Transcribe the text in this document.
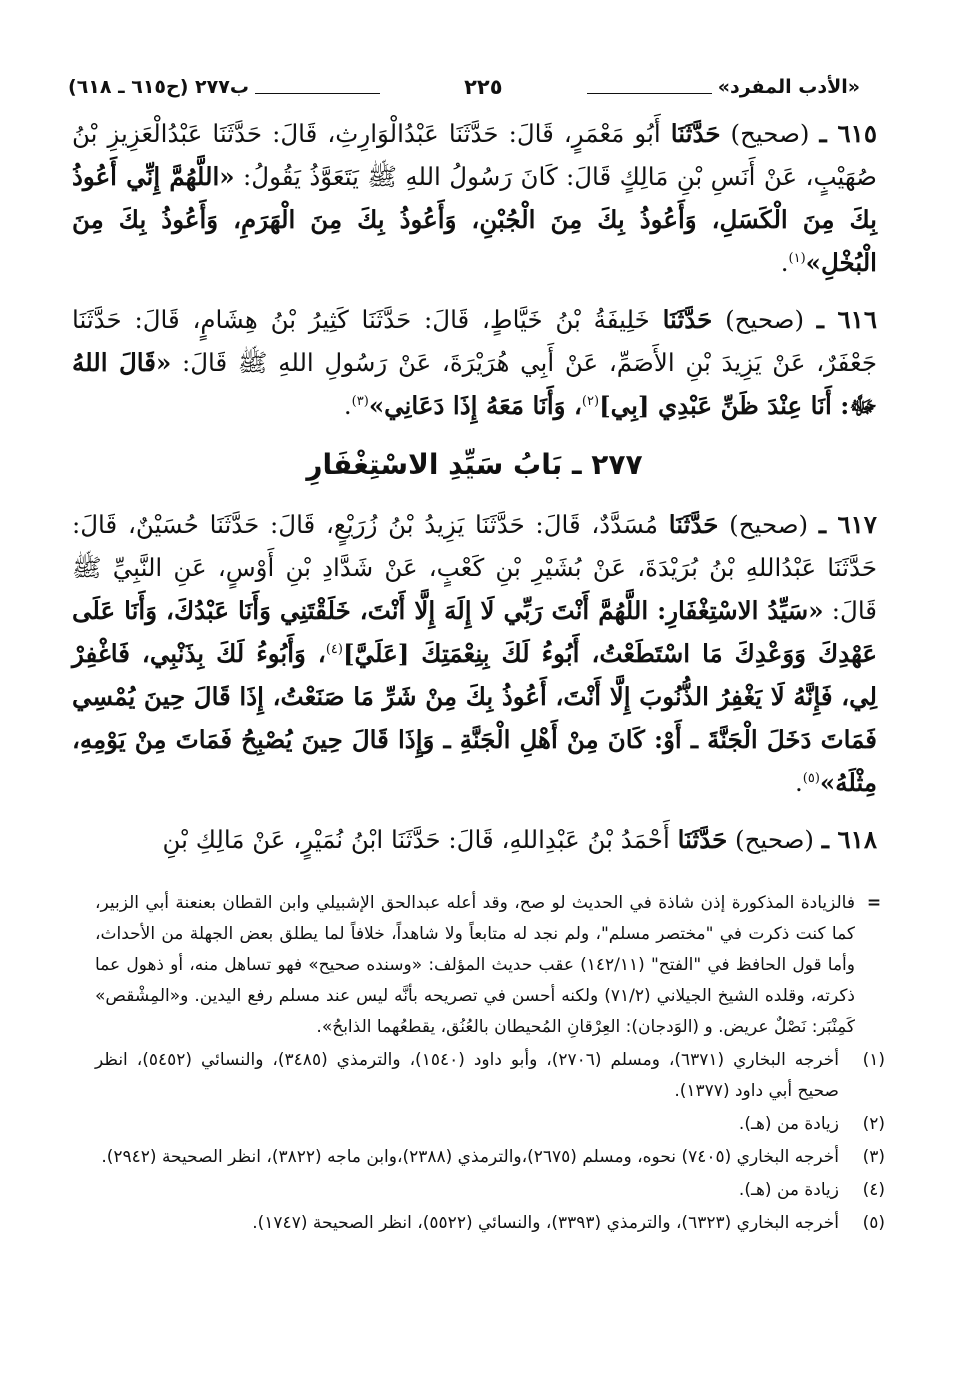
«الأدب المفرد»
٢٢٥
ب٢٧٧ (ح٦١٥ ـ ٦١٨)

٦١٥ ـ (صحيح) حَدَّثَنَا أَبُو مَعْمَرٍ، قَالَ: حَدَّثَنَا عَبْدُالْوَارِثِ، قَالَ: حَدَّثَنَا عَبْدُالْعَزِيزِ بْنُ صُهَيْبٍ، عَنْ أَنَسِ بْنِ مَالِكٍ قَالَ: كَانَ رَسُولُ اللهِ ﷺ يَتَعَوَّذُ يَقُولُ: «اللَّهُمَّ إِنِّي أَعُوذُ بِكَ مِنَ الْكَسَلِ، وَأَعُوذُ بِكَ مِنَ الْجُبْنِ، وَأَعُوذُ بِكَ مِنَ الْهَرَمِ، وَأَعُوذُ بِكَ مِنَ الْبُخْلِ»$^{(١)}$.

٦١٦ ـ (صحيح) حَدَّثَنَا خَلِيفَةُ بْنُ خَيَّاطٍ، قَالَ: حَدَّثَنَا كَثِيرُ بْنُ هِشَامٍ، قَالَ: حَدَّثَنَا جَعْفَرٌ، عَنْ يَزِيدَ بْنِ الأَصَمِّ، عَنْ أَبِي هُرَيْرَةَ، عَنْ رَسُولِ اللهِ ﷺ قَالَ: «قَالَ اللهُ ﷻ: أَنَا عِنْدَ ظَنِّ عَبْدِي [بِي]$^{(٢)}$، وَأَنَا مَعَهُ إِذَا دَعَانِي»$^{(٣)}$.

٢٧٧ ـ بَابُ سَيِّدِ الاسْتِغْفَارِ

٦١٧ ـ (صحيح) حَدَّثَنَا مُسَدَّدٌ، قَالَ: حَدَّثَنَا يَزِيدُ بْنُ زُرَيْعٍ، قَالَ: حَدَّثَنَا حُسَيْنٌ، قَالَ: حَدَّثَنَا عَبْدُاللهِ بْنُ بُرَيْدَةَ، عَنْ بُشَيْرِ بْنِ كَعْبٍ، عَنْ شَدَّادِ بْنِ أَوْسٍ، عَنِ النَّبِيِّ ﷺ قَالَ: «سَيِّدُ الاسْتِغْفَارِ: اللَّهُمَّ أَنْتَ رَبِّي لَا إِلَهَ إِلَّا أَنْتَ، خَلَقْتَنِي وَأَنَا عَبْدُكَ، وَأَنَا عَلَى عَهْدِكَ وَوَعْدِكَ مَا اسْتَطَعْتُ، أَبُوءُ لَكَ بِنِعْمَتِكَ [عَلَيَّ]$^{(٤)}$، وَأَبُوءُ لَكَ بِذَنْبِي، فَاغْفِرْ لِي، فَإِنَّهُ لَا يَغْفِرُ الذُّنُوبَ إِلَّا أَنْتَ، أَعُوذُ بِكَ مِنْ شَرِّ مَا صَنَعْتُ، إِذَا قَالَ حِينَ يُمْسِي فَمَاتَ دَخَلَ الْجَنَّةَ ـ أَوْ: كَانَ مِنْ أَهْلِ الْجَنَّةِ ـ وَإِذَا قَالَ حِينَ يُصْبِحُ فَمَاتَ مِنْ يَوْمِهِ، مِثْلَهُ»$^{(٥)}$.

٦١٨ ـ (صحيح) حَدَّثَنَا أَحْمَدُ بْنُ عَبْدِاللهِ، قَالَ: حَدَّثَنَا ابْنُ نُمَيْرٍ، عَنْ مَالِكِ بْنِ

=
فالزيادة المذكورة إذن شاذة في الحديث لو صح، وقد أعله عبدالحق الإشبيلي وابن القطان بعنعنة أبي الزبير، كما كنت ذكرت في "مختصر مسلم"، ولم نجد له متابعاً ولا شاهداً، خلافاً لما يطلق بعض الجهلة من الأحداث، وأما قول الحافظ في "الفتح" (١٤٢/١١) عقب حديث المؤلف: «وسنده صحيح» فهو تساهل منه، أو ذهول عما ذكرته، وقلده الشيخ الجيلاني (٧١/٢) ولكنه أحسن في تصريحه بأنَّه ليس عند مسلم رفع اليدين. و«المِشْقص» كَمِنْبَر: نَصْلٌ عريض. و (الوَدجان): العِرْقانِ المُحيطان بالعُنُق، يقطعُهما الذابحُ».
(١)
أخرجه البخاري (٦٣٧١)، ومسلم (٢٧٠٦)، وأبو داود (١٥٤٠)، والترمذي (٣٤٨٥)، والنسائي (٥٤٥٢)، انظر صحيح أبي داود (١٣٧٧).
(٢)
زيادة من (هـ).
(٣)
أخرجه البخاري (٧٤٠٥) نحوه، ومسلم (٢٦٧٥)،والترمذي (٢٣٨٨)،وابن ماجه (٣٨٢٢)، انظر الصحيحة (٢٩٤٢).
(٤)
زيادة من (هـ).
(٥)
أخرجه البخاري (٦٣٢٣)، والترمذي (٣٣٩٣)، والنسائي (٥٥٢٢)، انظر الصحيحة (١٧٤٧).
